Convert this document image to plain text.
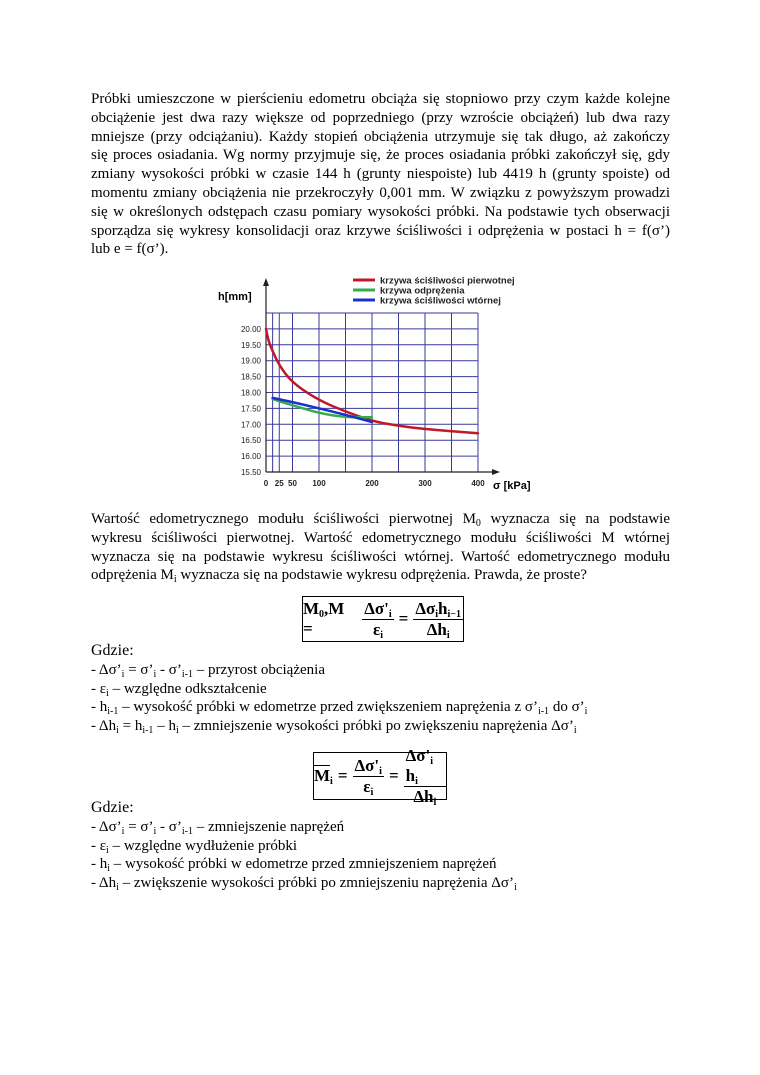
Próbki umieszczone w pierścieniu edometru obciąża się stopniowo przy czym każde kolejne
obciążenie jest dwa razy większe od poprzedniego (przy wzroście obciążeń) lub dwa razy
mniejsze (przy odciążaniu). Każdy stopień obciążenia utrzymuje się tak długo, aż zakończy
się proces osiadania. Wg normy przyjmuje się, że proces osiadania próbki zakończył się, gdy
zmiany wysokości próbki w czasie 144 h (grunty niespoiste) lub 4419 h (grunty spoiste) od
momentu zmiany obciążenia nie przekroczyły 0,001 mm. W związku z powyższym prowadzi
się w określonych odstępach czasu pomiary wysokości próbki. Na podstawie tych obserwacji
sporządza się wykresy konsolidacji oraz krzywe ściśliwości i odprężenia w postaci h = f(σ’)
lub e = f(σ’).
20.00
19.50
19.00
18,50
18.00
17.50
17.00
16.50
16.00
15.50
0 25 50 100	200	300	400
h[mm]
σ [kPa]
krzywa ściśliwości pierwotnej
krzywa odprężenia
krzywa ściśliwości wtórnej
Wartość edometrycznego modułu ściśliwości pierwotnej $M_0$ wyznacza się na podstawie
wykresu ściśliwości pierwotnej. Wartość edometrycznego modułu ściśliwości M wtórnej
wyznacza się na podstawie wykresu ściśliwości wtórnej. Wartość edometrycznego modułu
odprężenia $M_i$ wyznacza się na podstawie wykresu odprężenia. Prawda, że proste?
$M_0,M$ =	$\frac{\Delta\sigma'_i}{\varepsilon_i} = \frac{\Delta\sigma_ih_{i-1}}{\Delta h_i}$
Gdzie:
- $\Delta\sigma’_i$ = $\sigma’_i$ - $\sigma’_{i-1}$ – przyrost obciążenia
- $\varepsilon_i$ – względne odkształcenie
- $h_{i-1}$ – wysokość próbki w edometrze przed zwiększeniem naprężenia z $\sigma’_{i-1}$ do $\sigma’_i$
- $\Delta h_i = h_{i-1} - h_i$ – zmniejszenie wysokości próbki po zwiększeniu naprężenia $\Delta\sigma’_i$
$\overline{M}_i = \frac{\Delta\sigma'_i}{\overline{\varepsilon}_i} = \frac{\Delta\sigma'_i h_i}{\Delta h_i}$
Gdzie:
- $\Delta\sigma’_i$ = $\sigma’_i$ - $\sigma’_{i-1}$ – zmniejszenie naprężeń
- $\varepsilon_i$ – względne wydłużenie próbki
- $h_i$ – wysokość próbki w edometrze przed zmniejszeniem naprężeń
- $\Delta h_i$ – zwiększenie wysokości próbki po zmniejszeniu naprężenia $\Delta\sigma’_i$
